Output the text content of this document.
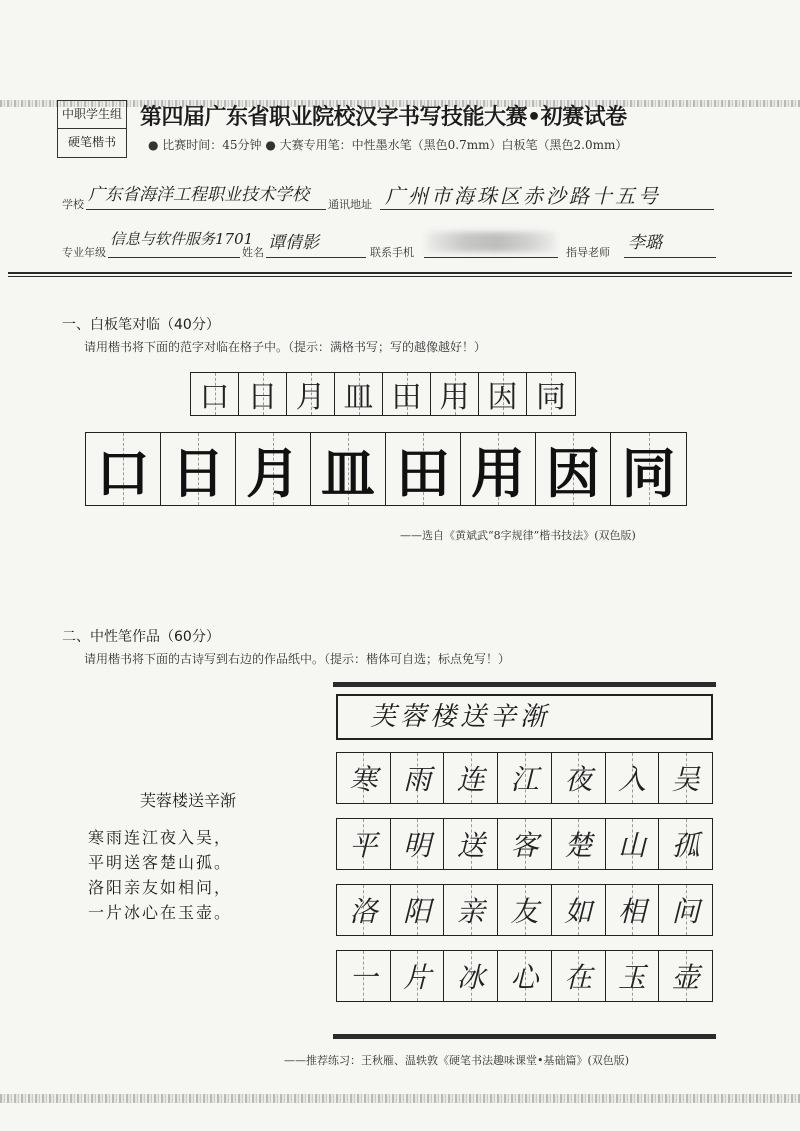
中职学生组
硬笔楷书
第四届广东省职业院校汉字书写技能大赛•初赛试卷
● 比赛时间：45分钟 ● 大赛专用笔：中性墨水笔（黑色0.7mm）白板笔（黑色2.0mm）
学校 广东省海洋工程职业技术学校 通讯地址 广州市海珠区赤沙路十五号
专业年级
信息与软件服务1701
姓名 谭倩影	联系手机	指导老师 李璐
一、白板笔对临（40分）
请用楷书将下面的范字对临在格子中。（提示：满格书写；写的越像越好！）
口 日 月 皿 田 用 因 同
口 日 月 皿 田 用 因 同
——选自《黄斌武“8字规律”楷书技法》(双色版)
二、中性笔作品（60分）
请用楷书将下面的古诗写到右边的作品纸中。（提示：楷体可自选；标点免写！）
芙蓉楼送辛渐
寒雨连江夜入吴，
平明送客楚山孤。
洛阳亲友如相问，
一片冰心在玉壶。
芙蓉楼送辛渐
寒 雨 连 江 夜 入 吴
平 明 送 客 楚 山 孤
洛 阳 亲 友 如 相 问
一 片 冰 心 在 玉 壶
——推荐练习：王秋雁、温轶敦《硬笔书法趣味课堂•基础篇》(双色版)
